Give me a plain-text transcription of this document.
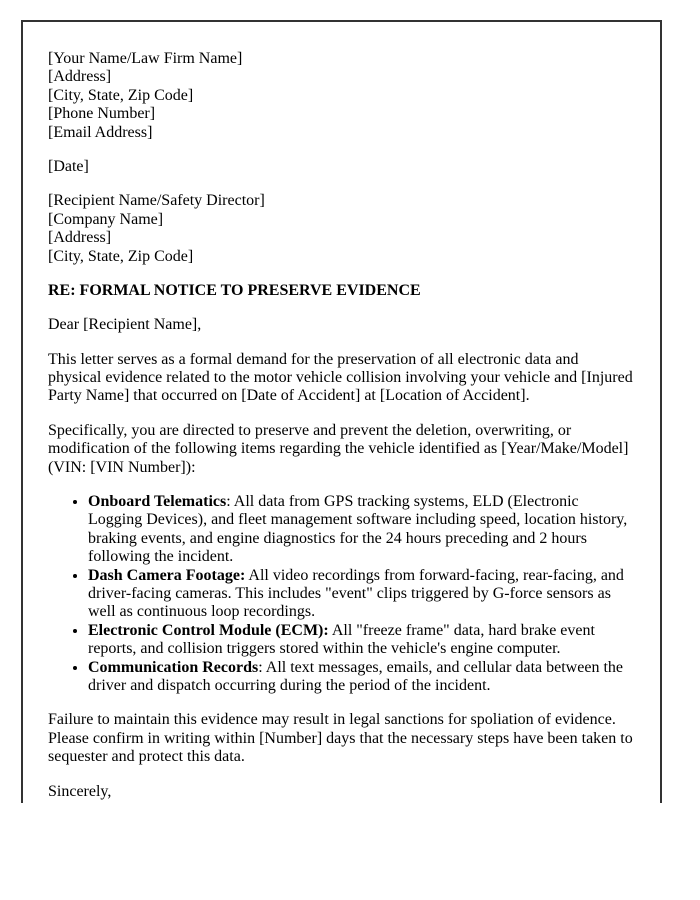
[Your Name/Law Firm Name]
[Address]
[City, State, Zip Code]
[Phone Number]
[Email Address]

[Date]

[Recipient Name/Safety Director]
[Company Name]
[Address]
[City, State, Zip Code]

RE: FORMAL NOTICE TO PRESERVE EVIDENCE

Dear [Recipient Name],

This letter serves as a formal demand for the preservation of all electronic data and physical evidence related to the motor vehicle collision involving your vehicle and [Injured Party Name] that occurred on [Date of Accident] at [Location of Accident].

Specifically, you are directed to preserve and prevent the deletion, overwriting, or modification of the following items regarding the vehicle identified as [Year/Make/Model] (VIN: [VIN Number]):

• Onboard Telematics: All data from GPS tracking systems, ELD (Electronic Logging Devices), and fleet management software including speed, location history, braking events, and engine diagnostics for the 24 hours preceding and 2 hours following the incident.
• Dash Camera Footage: All video recordings from forward-facing, rear-facing, and driver-facing cameras. This includes "event" clips triggered by G-force sensors as well as continuous loop recordings.
• Electronic Control Module (ECM): All "freeze frame" data, hard brake event reports, and collision triggers stored within the vehicle's engine computer.
• Communication Records: All text messages, emails, and cellular data between the driver and dispatch occurring during the period of the incident.

Failure to maintain this evidence may result in legal sanctions for spoliation of evidence. Please confirm in writing within [Number] days that the necessary steps have been taken to sequester and protect this data.

Sincerely,
